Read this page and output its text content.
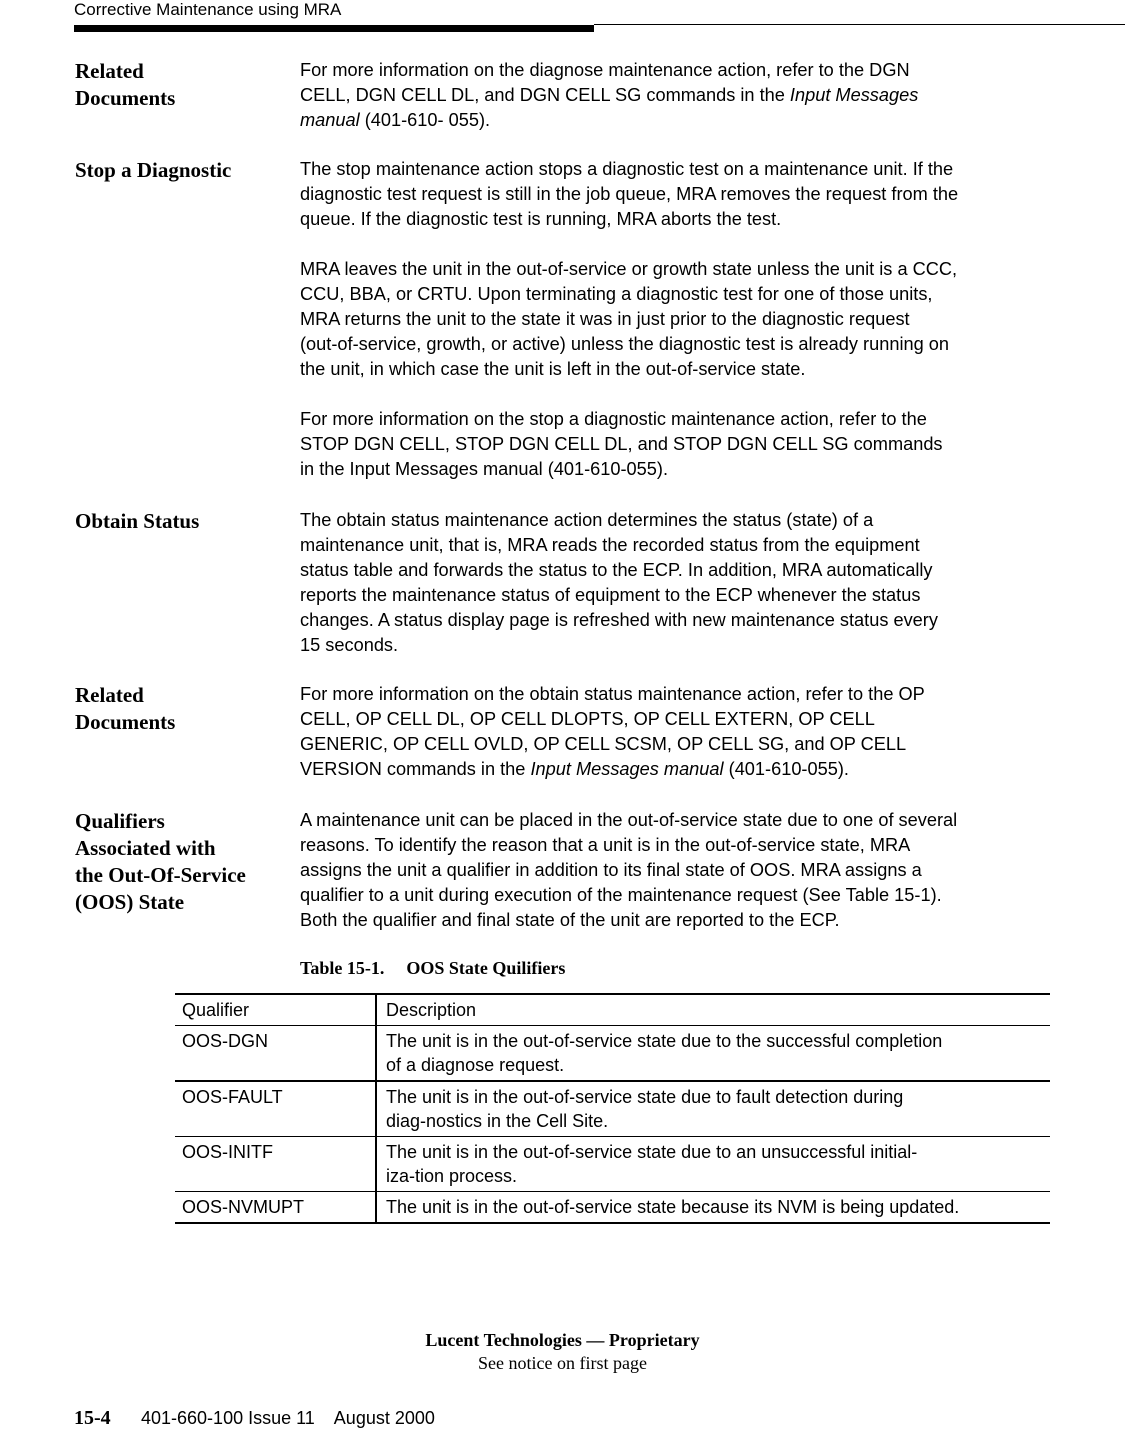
Corrective Maintenance using MRA
Related
Documents
For more information on the diagnose maintenance action, refer to the DGN
CELL, DGN CELL DL, and DGN CELL SG commands in the Input Messages
manual (401-610- 055).
Stop a Diagnostic	The stop maintenance action stops a diagnostic test on a maintenance unit. If the
diagnostic test request is still in the job queue, MRA removes the request from the
queue. If the diagnostic test is running, MRA aborts the test.
MRA leaves the unit in the out-of-service or growth state unless the unit is a CCC,
CCU, BBA, or CRTU. Upon terminating a diagnostic test for one of those units,
MRA returns the unit to the state it was in just prior to the diagnostic request
(out-of-service, growth, or active) unless the diagnostic test is already running on
the unit, in which case the unit is left in the out-of-service state.
For more information on the stop a diagnostic maintenance action, refer to the
STOP DGN CELL, STOP DGN CELL DL, and STOP DGN CELL SG commands
in the Input Messages manual (401-610-055).
Obtain Status	The obtain status maintenance action determines the status (state) of a
maintenance unit, that is, MRA reads the recorded status from the equipment
status table and forwards the status to the ECP. In addition, MRA automatically
reports the maintenance status of equipment to the ECP whenever the status
changes. A status display page is refreshed with new maintenance status every
15 seconds.
Related
Documents
For more information on the obtain status maintenance action, refer to the OP
CELL, OP CELL DL, OP CELL DLOPTS, OP CELL EXTERN, OP CELL
GENERIC, OP CELL OVLD, OP CELL SCSM, OP CELL SG, and OP CELL
VERSION commands in the Input Messages manual (401-610-055).
Qualifiers
Associated with
the Out-Of-Service
(OOS) State
A maintenance unit can be placed in the out-of-service state due to one of several
reasons. To identify the reason that a unit is in the out-of-service state, MRA
assigns the unit a qualifier in addition to its final state of OOS. MRA assigns a
qualifier to a unit during execution of the maintenance request (See Table 15-1).
Both the qualifier and final state of the unit are reported to the ECP.
Table 15-1. OOS State Quilifiers
Qualifier	Description
OOS-DGN	The unit is in the out-of-service state due to the successful completion
of a diagnose request.
OOS-FAULT	The unit is in the out-of-service state due to fault detection during
diag-nostics in the Cell Site.
OOS-INITF	The unit is in the out-of-service state due to an unsuccessful initial-
iza-tion process.
OOS-NVMUPT	The unit is in the out-of-service state because its NVM is being updated.
Lucent Technologies — Proprietary
See notice on first page
15-4 401-660-100 Issue 11    August 2000
